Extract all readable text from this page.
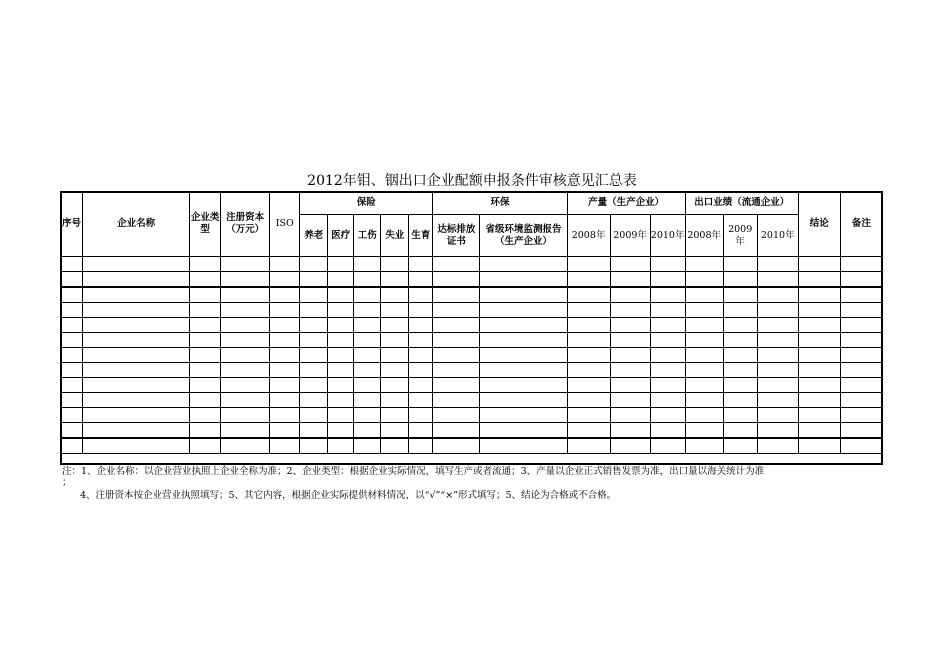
2012年钼、铟出口企业配额申报条件审核意见汇总表
序号	企业名称	企业类型	注册资本（万元）	ISO	保险					环保		产量（生产企业）			出口业绩（流通企业）			结论	备注
					养老	医疗	工伤	失业	生育	达标排放证书	省级环境监测报告（生产企业）	2008年	2009年	2010年	2008年	2009年	2010年		

注：1、企业名称：以企业营业执照上企业全称为准；2、企业类型：根据企业实际情况，填写生产或者流通；3、产量以企业正式销售发票为准，出口量以海关统计为准
；
4、注册资本按企业营业执照填写；5、其它内容，根据企业实际提供材料情况，以“√”“×”形式填写；5、结论为合格或不合格。
